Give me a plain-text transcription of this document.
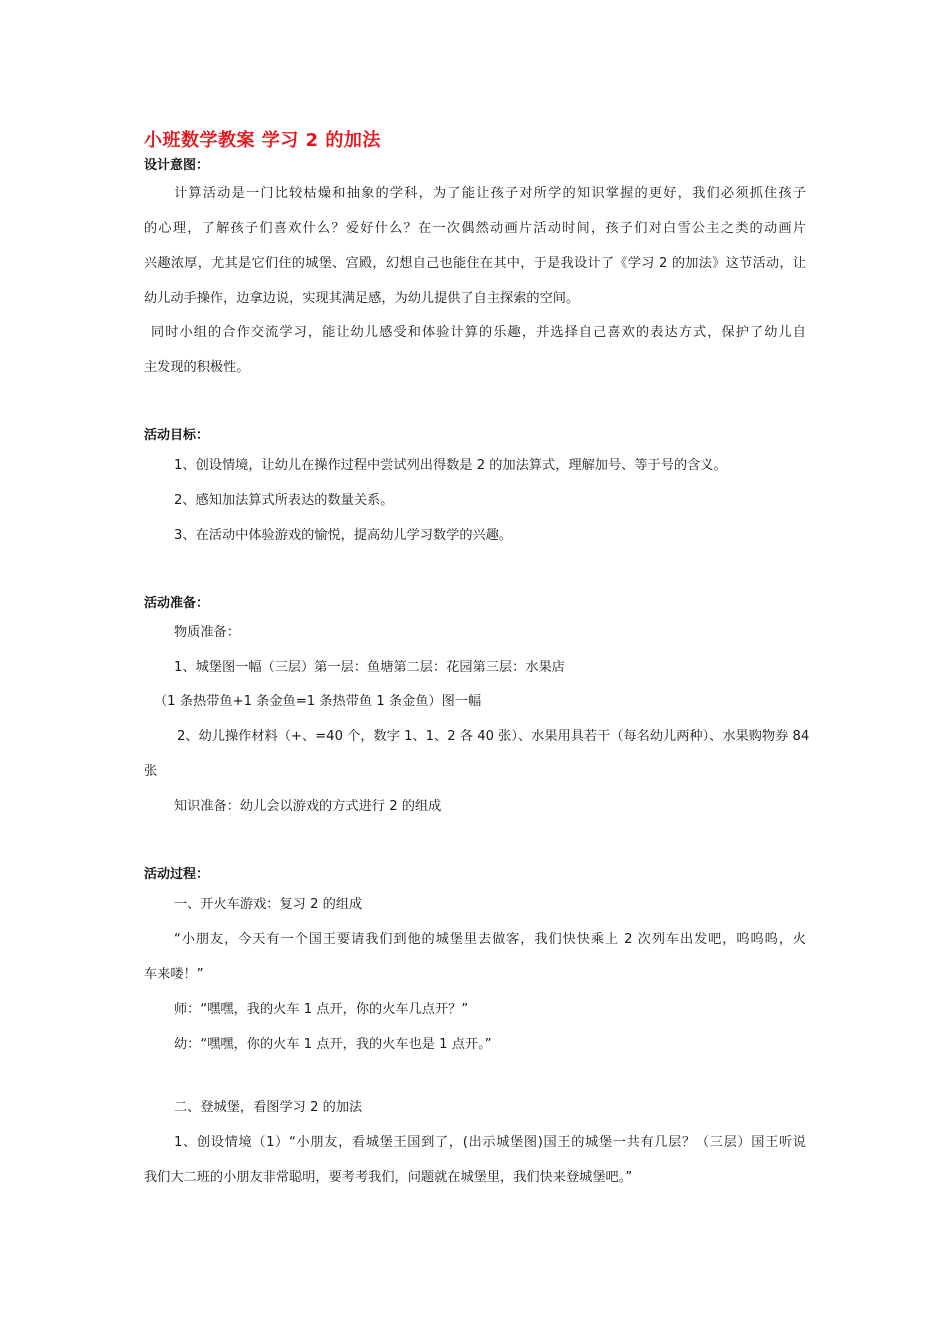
小班数学教案 学习 2 的加法
设计意图：
计算活动是一门比较枯燥和抽象的学科，为了能让孩子对所学的知识掌握的更好，我们必须抓住孩子
的心理，了解孩子们喜欢什么？爱好什么？在一次偶然动画片活动时间，孩子们对白雪公主之类的动画片
兴趣浓厚，尤其是它们住的城堡、宫殿，幻想自己也能住在其中，于是我设计了《学习 2 的加法》这节活动，让
幼儿动手操作，边拿边说，实现其满足感，为幼儿提供了自主探索的空间。
同时小组的合作交流学习，能让幼儿感受和体验计算的乐趣，并选择自己喜欢的表达方式，保护了幼儿自
主发现的积极性。
活动目标：
1、创设情境，让幼儿在操作过程中尝试列出得数是 2 的加法算式，理解加号、等于号的含义。
2、感知加法算式所表达的数量关系。
3、在活动中体验游戏的愉悦，提高幼儿学习数学的兴趣。
活动准备：
物质准备：
1、城堡图一幅（三层）第一层：鱼塘第二层：花园第三层：水果店
（1 条热带鱼+1 条金鱼=1 条热带鱼 1 条金鱼）图一幅
2、幼儿操作材料（+、=40 个，数字 1、1、2 各 40 张）、水果用具若干（每名幼儿两种）、水果购物券 84
张
知识准备：幼儿会以游戏的方式进行 2 的组成
活动过程：
一、开火车游戏：复习 2 的组成
“小朋友，今天有一个国王要请我们到他的城堡里去做客，我们快快乘上 2 次列车出发吧，呜呜呜，火
车来喽！”
师：“嘿嘿，我的火车 1 点开，你的火车几点开？”
幼：“嘿嘿，你的火车 1 点开，我的火车也是 1 点开。”
二、登城堡，看图学习 2 的加法
1、创设情境（1）“小朋友，看城堡王国到了，(出示城堡图)国王的城堡一共有几层？（三层）国王听说
我们大二班的小朋友非常聪明，要考考我们，问题就在城堡里，我们快来登城堡吧。”
